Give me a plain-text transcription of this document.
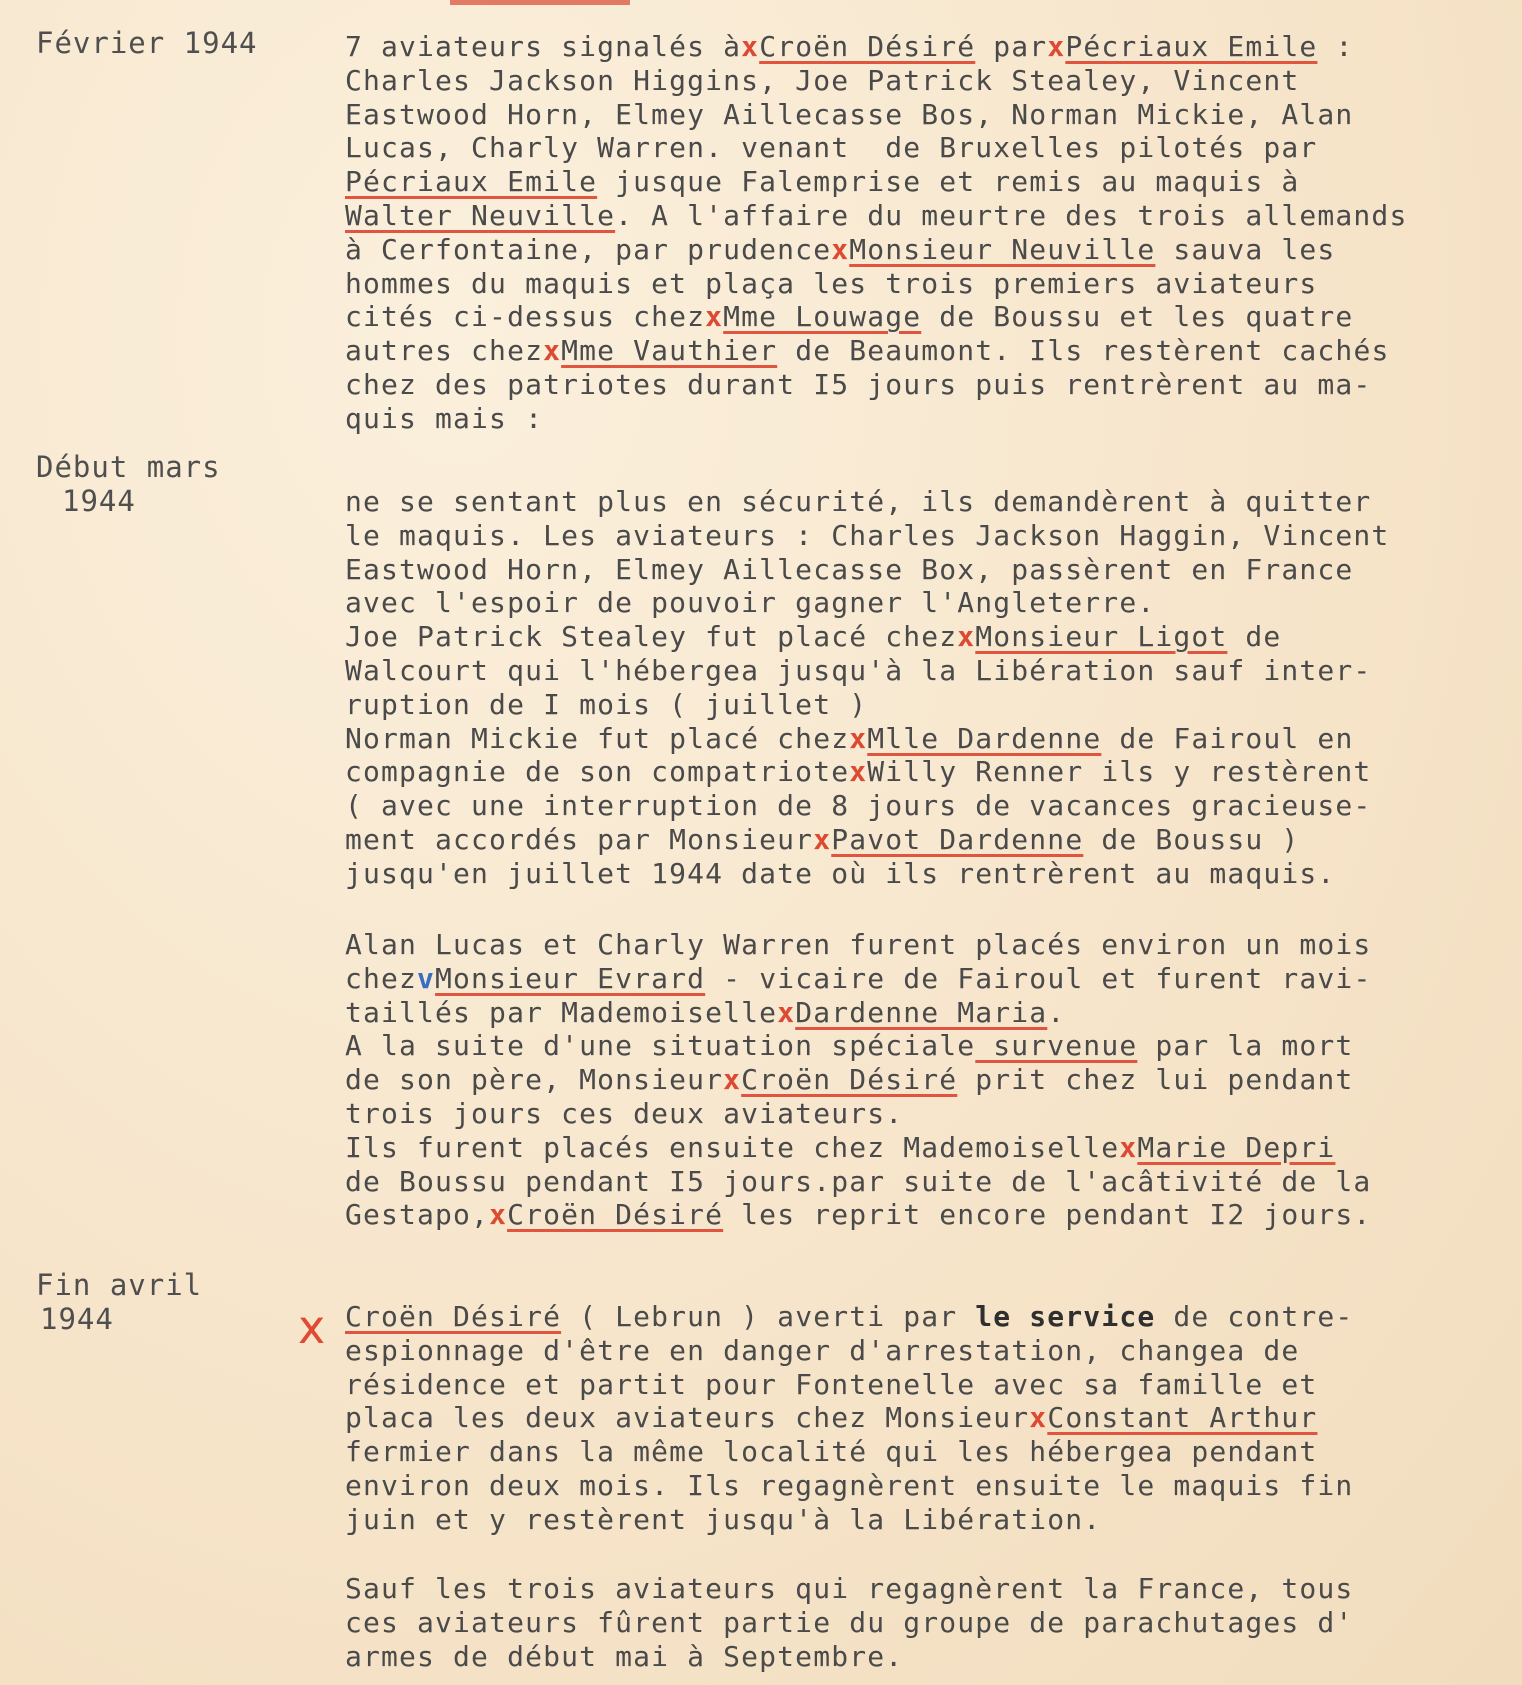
Février 1944
Début mars
1944
Fin avril
1944
7 aviateurs signalés àxCroën Désiré parxPécriaux Emile :
Charles Jackson Higgins, Joe Patrick Stealey, Vincent
Eastwood Horn, Elmey Aillecasse Bos, Norman Mickie, Alan
Lucas, Charly Warren. venant  de Bruxelles pilotés par
Pécriaux Emile jusque Falemprise et remis au maquis à
Walter Neuville. A l'affaire du meurtre des trois allemands
à Cerfontaine, par prudencexMonsieur Neuville sauva les
hommes du maquis et plaça les trois premiers aviateurs
cités ci-dessus chezxMme Louwage de Boussu et les quatre
autres chezxMme Vauthier de Beaumont. Ils restèrent cachés
chez des patriotes durant I5 jours puis rentrèrent au ma-
quis mais :
ne se sentant plus en sécurité, ils demandèrent à quitter
le maquis. Les aviateurs : Charles Jackson Haggin, Vincent
Eastwood Horn, Elmey Aillecasse Box, passèrent en France
avec l'espoir de pouvoir gagner l'Angleterre.
Joe Patrick Stealey fut placé chezxMonsieur Ligot de
Walcourt qui l'hébergea jusqu'à la Libération sauf inter-
ruption de I mois ( juillet )
Norman Mickie fut placé chezxMlle Dardenne de Fairoul en
compagnie de son compatriotexWilly Renner ils y restèrent
( avec une interruption de 8 jours de vacances gracieuse-
ment accordés par MonsieurxPavot Dardenne de Boussu )
jusqu'en juillet 1944 date où ils rentrèrent au maquis.
Alan Lucas et Charly Warren furent placés environ un mois
chezvMonsieur Evrard - vicaire de Fairoul et furent ravi-
taillés par MademoisellexDardenne Maria.
A la suite d'une situation spéciale survenue par la mort
de son père, MonsieurxCroën Désiré prit chez lui pendant
trois jours ces deux aviateurs.
Ils furent placés ensuite chez MademoisellexMarie Depri
de Boussu pendant I5 jours.par suite de l'acâtivité de la
Gestapo,xCroën Désiré les reprit encore pendant I2 jours.
x Croën Désiré ( Lebrun ) averti par le service de contre-
espionnage d'être en danger d'arrestation, changea de
résidence et partit pour Fontenelle avec sa famille et
placa les deux aviateurs chez MonsieurxConstant Arthur
fermier dans la même localité qui les hébergea pendant
environ deux mois. Ils regagnèrent ensuite le maquis fin
juin et y restèrent jusqu'à la Libération.
Sauf les trois aviateurs qui regagnèrent la France, tous
ces aviateurs fûrent partie du groupe de parachutages d'
armes de début mai à Septembre.
